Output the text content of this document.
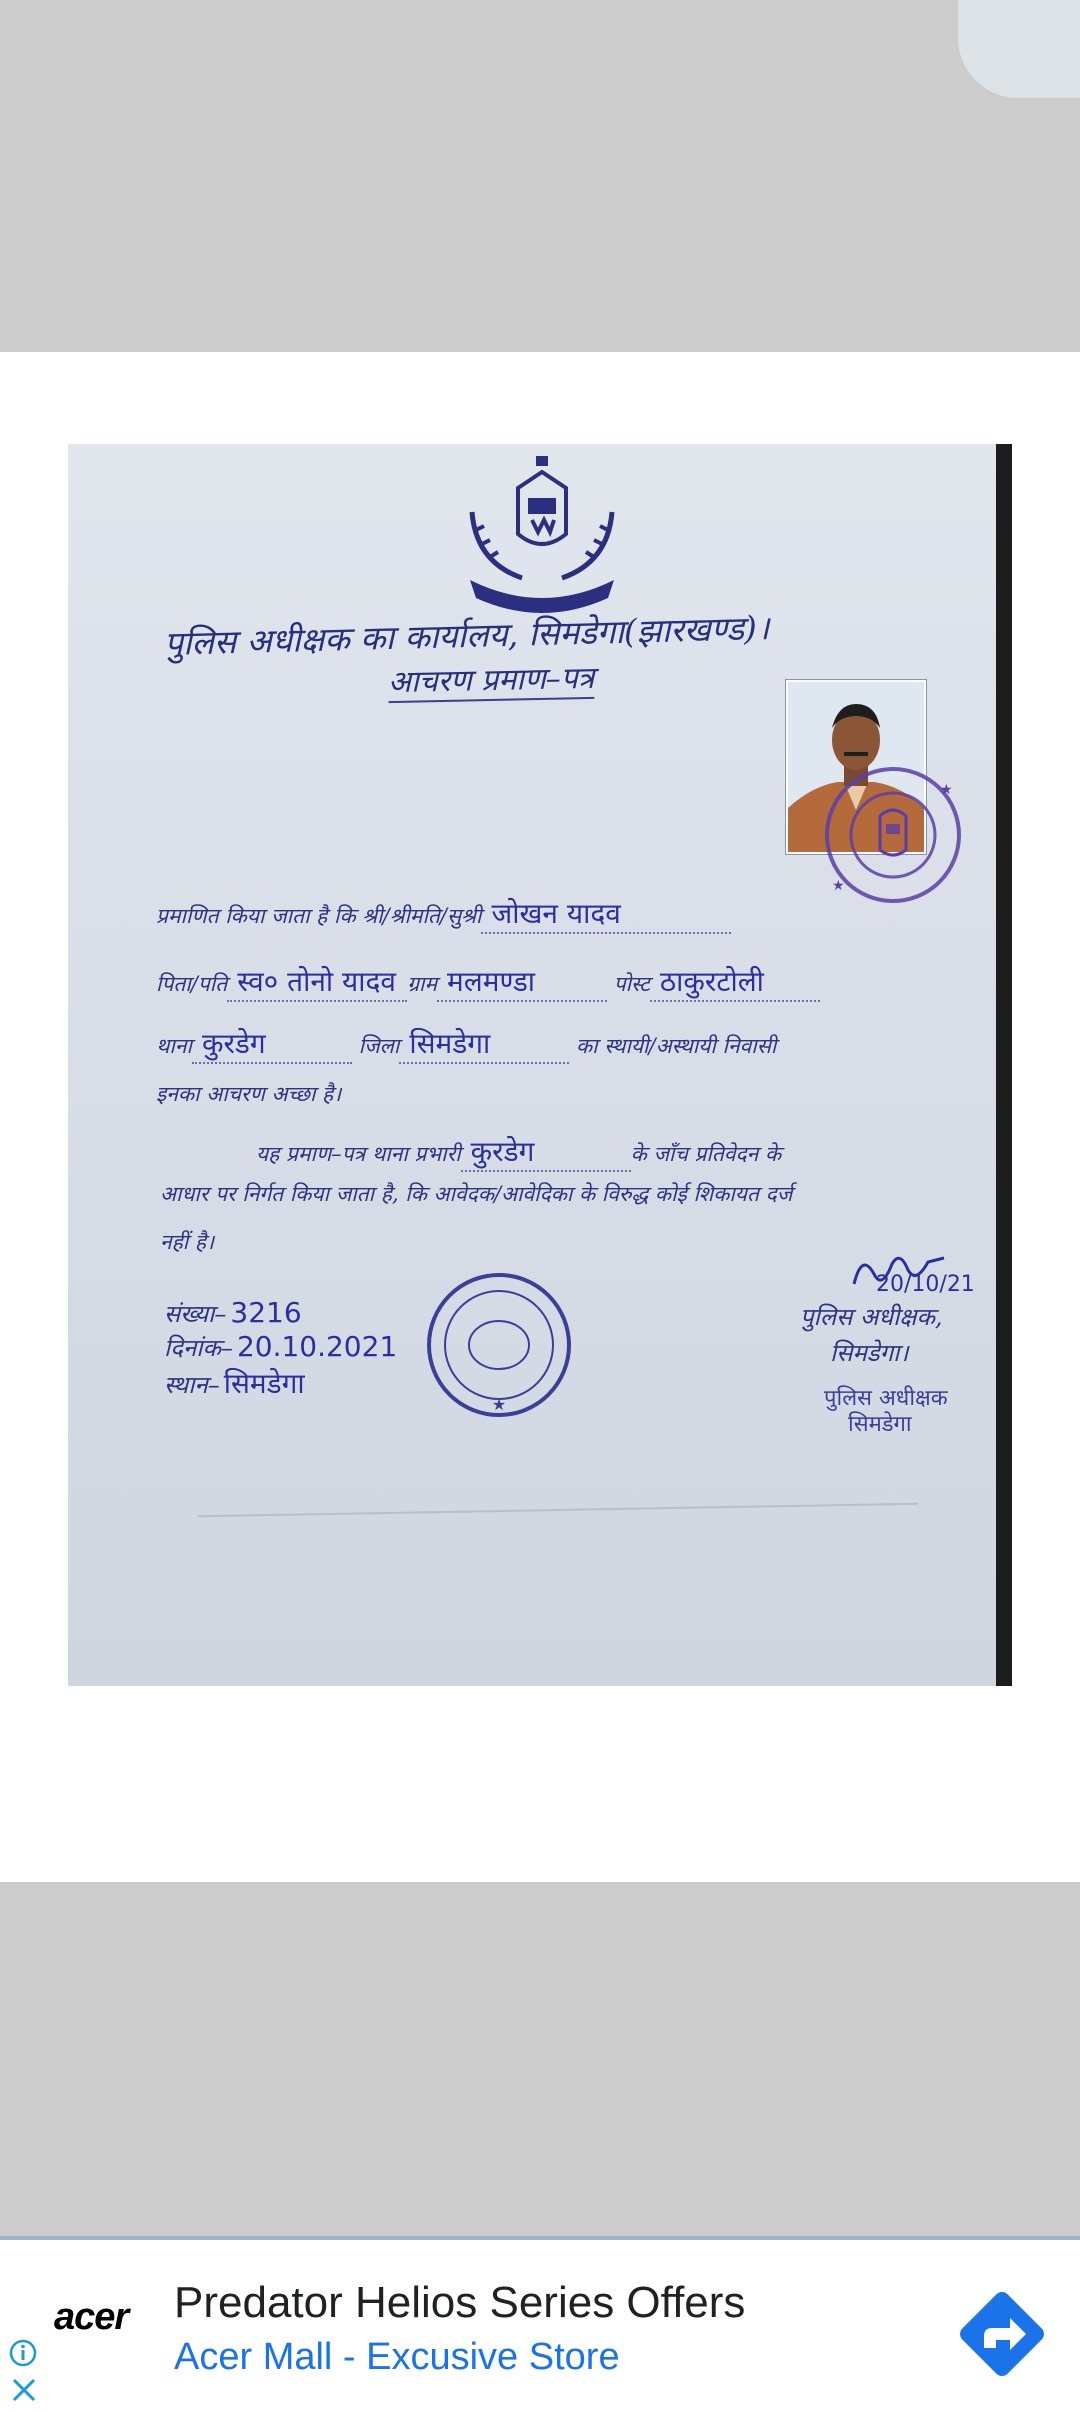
पुलिस अधीक्षक का कार्यालय, सिमडेगा(झारखण्ड)।
आचरण प्रमाण–पत्र
★
★
प्रमाणित किया जाता है कि श्री/श्रीमति/सुश्री जोखन यादव
पिता/पति स्व० तोनो यादव ग्राम मलमण्डा	पोस्ट ठाकुरटोली
थाना कुरडेग	जिला सिमडेगा	का स्थायी/अस्थायी निवासी
इनका आचरण अच्छा है।
यह प्रमाण–पत्र थाना प्रभारी कुरडेग	के जाँच प्रतिवेदन के
आधार पर निर्गत किया जाता है, कि आवेदक/आवेदिका के विरुद्ध कोई शिकायत दर्ज
नहीं है।
संख्या– 3216
दिनांक– 20.10.2021
स्थान– सिमडेगा
★
20/10/21
पुलिस अधीक्षक,
सिमडेगा।
पुलिस अधीक्षक
सिमडेगा
acer Predator Helios Series Offers
Acer Mall - Excusive Store
